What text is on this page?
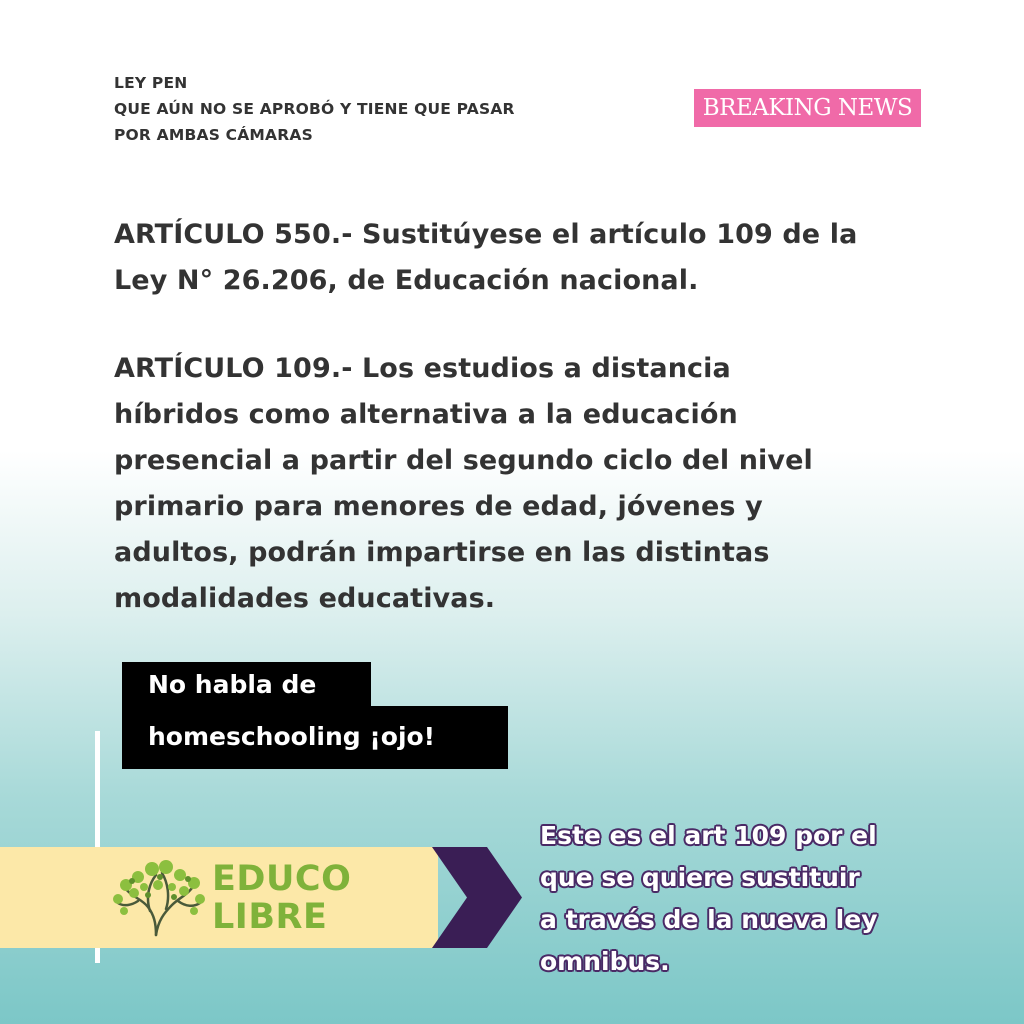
LEY PEN
QUE AÚN NO SE APROBÓ Y TIENE QUE PASAR
POR AMBAS CÁMARAS
BREAKING NEWS
ARTÍCULO 550.- Sustitúyese el artículo 109 de la
Ley N° 26.206, de Educación nacional.
ARTÍCULO 109.- Los estudios a distancia
híbridos como alternativa a la educación
presencial a partir del segundo ciclo del nivel
primario para menores de edad, jóvenes y
adultos, podrán impartirse en las distintas
modalidades educativas.
No habla de
homeschooling ¡ojo!
EDUCO
LIBRE
Este es el art 109 por el
que se quiere sustituir
a través de la nueva ley
omnibus.
